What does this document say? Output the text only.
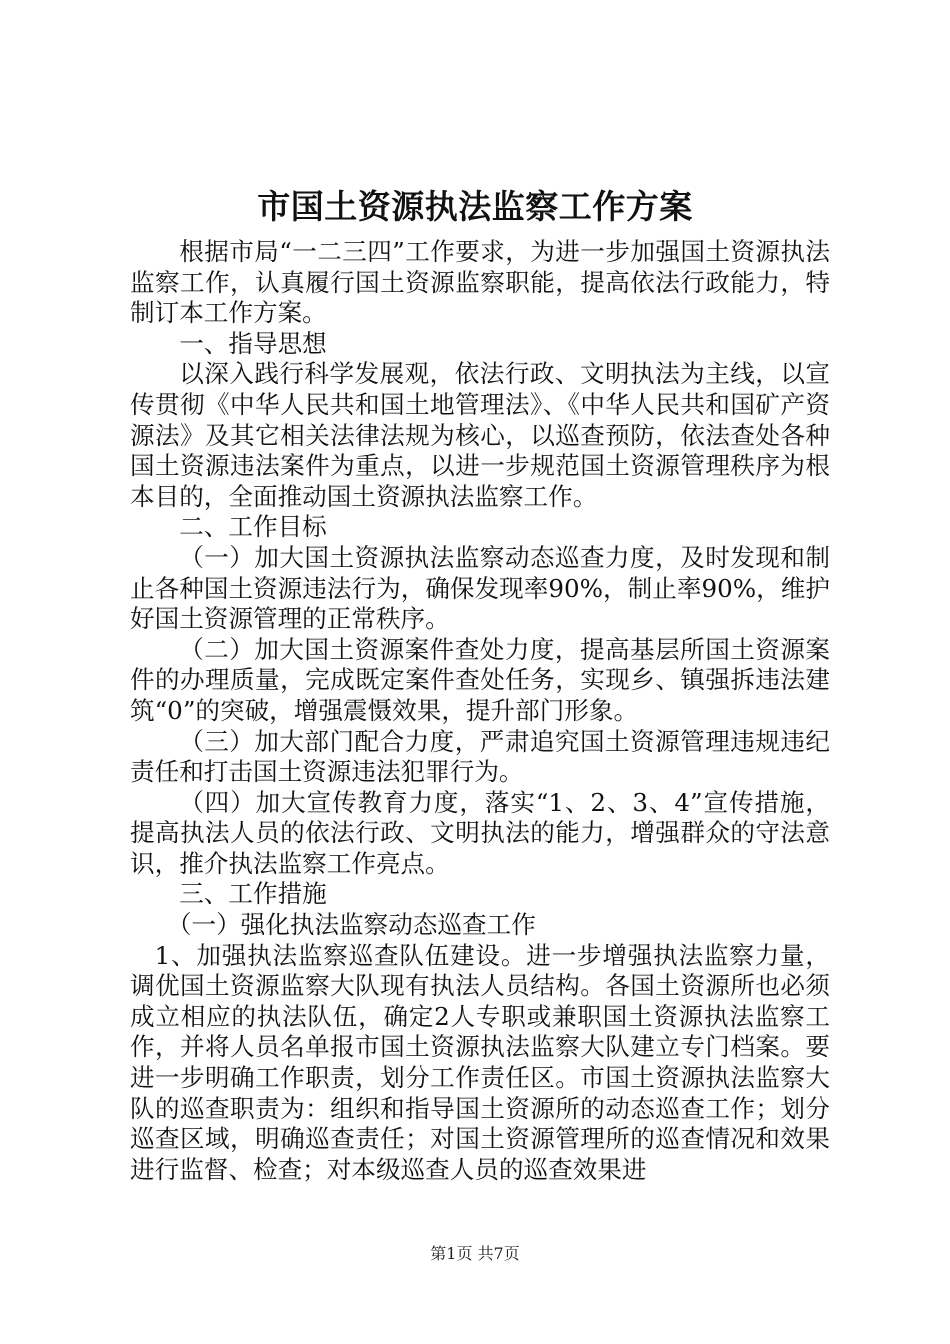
市国土资源执法监察工作方案

根据市局“一二三四”工作要求，为进一步加强国土资源执法监察工作，认真履行国土资源监察职能，提高依法行政能力，特制订本工作方案。

一、指导思想

以深入践行科学发展观，依法行政、文明执法为主线，以宣传贯彻《中华人民共和国土地管理法》、《中华人民共和国矿产资源法》及其它相关法律法规为核心，以巡查预防，依法查处各种国土资源违法案件为重点，以进一步规范国土资源管理秩序为根本目的，全面推动国土资源执法监察工作。

二、工作目标

（一）加大国土资源执法监察动态巡查力度，及时发现和制止各种国土资源违法行为，确保发现率90%，制止率90%，维护好国土资源管理的正常秩序。

（二）加大国土资源案件查处力度，提高基层所国土资源案件的办理质量，完成既定案件查处任务，实现乡、镇强拆违法建筑“0”的突破，增强震慑效果，提升部门形象。

（三）加大部门配合力度，严肃追究国土资源管理违规违纪责任和打击国土资源违法犯罪行为。

（四）加大宣传教育力度，落实“1、2、3、4”宣传措施，提高执法人员的依法行政、文明执法的能力，增强群众的守法意识，推介执法监察工作亮点。

三、工作措施

（一）强化执法监察动态巡查工作

1、加强执法监察巡查队伍建设。进一步增强执法监察力量，调优国土资源监察大队现有执法人员结构。各国土资源所也必须成立相应的执法队伍，确定2人专职或兼职国土资源执法监察工作，并将人员名单报市国土资源执法监察大队建立专门档案。要进一步明确工作职责，划分工作责任区。市国土资源执法监察大队的巡查职责为：组织和指导国土资源所的动态巡查工作；划分巡查区域，明确巡查责任；对国土资源管理所的巡查情况和效果进行监督、检查；对本级巡查人员的巡查效果进

第1页 共7页
